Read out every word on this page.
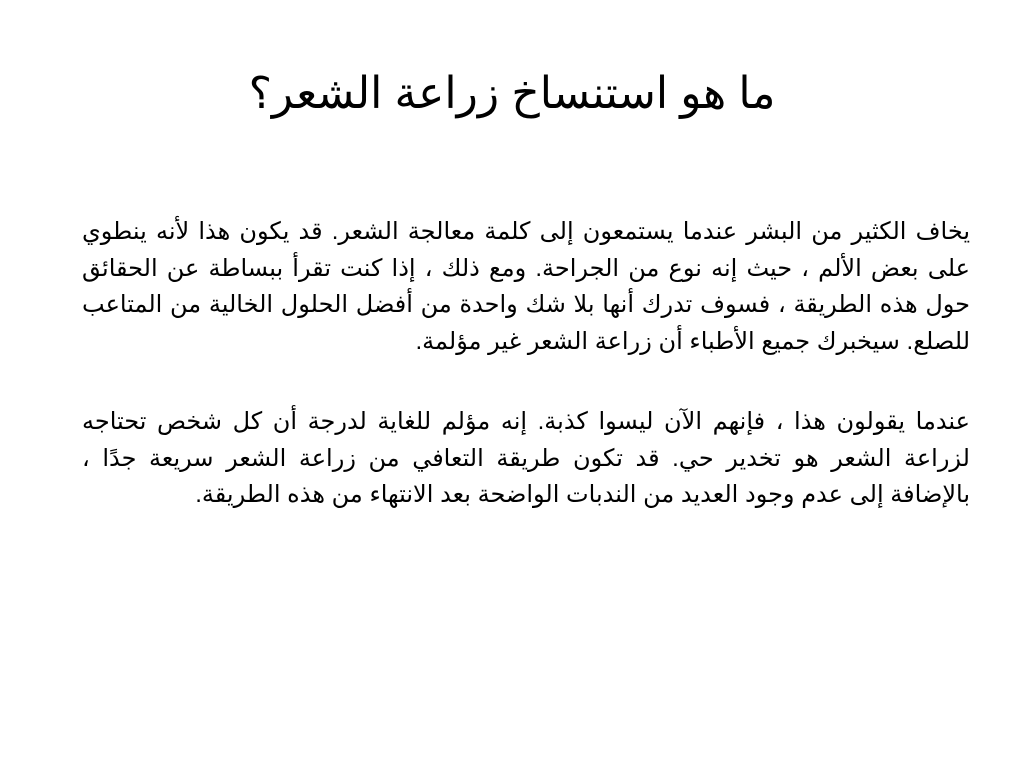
ما هو استنساخ زراعة الشعر؟

يخاف الكثير من البشر عندما يستمعون إلى كلمة معالجة الشعر. قد يكون هذا لأنه ينطوي على بعض الألم ، حيث إنه نوع من الجراحة. ومع ذلك ، إذا كنت تقرأ ببساطة عن الحقائق حول هذه الطريقة ، فسوف تدرك أنها بلا شك واحدة من أفضل الحلول الخالية من المتاعب للصلع. سيخبرك جميع الأطباء أن زراعة الشعر غير مؤلمة.

عندما يقولون هذا ، فإنهم الآن ليسوا كذبة. إنه مؤلم للغاية لدرجة أن كل شخص تحتاجه لزراعة الشعر هو تخدير حي. قد تكون طريقة التعافي من زراعة الشعر سريعة جدًا ، بالإضافة إلى عدم وجود العديد من الندبات الواضحة بعد الانتهاء من هذه الطريقة.
